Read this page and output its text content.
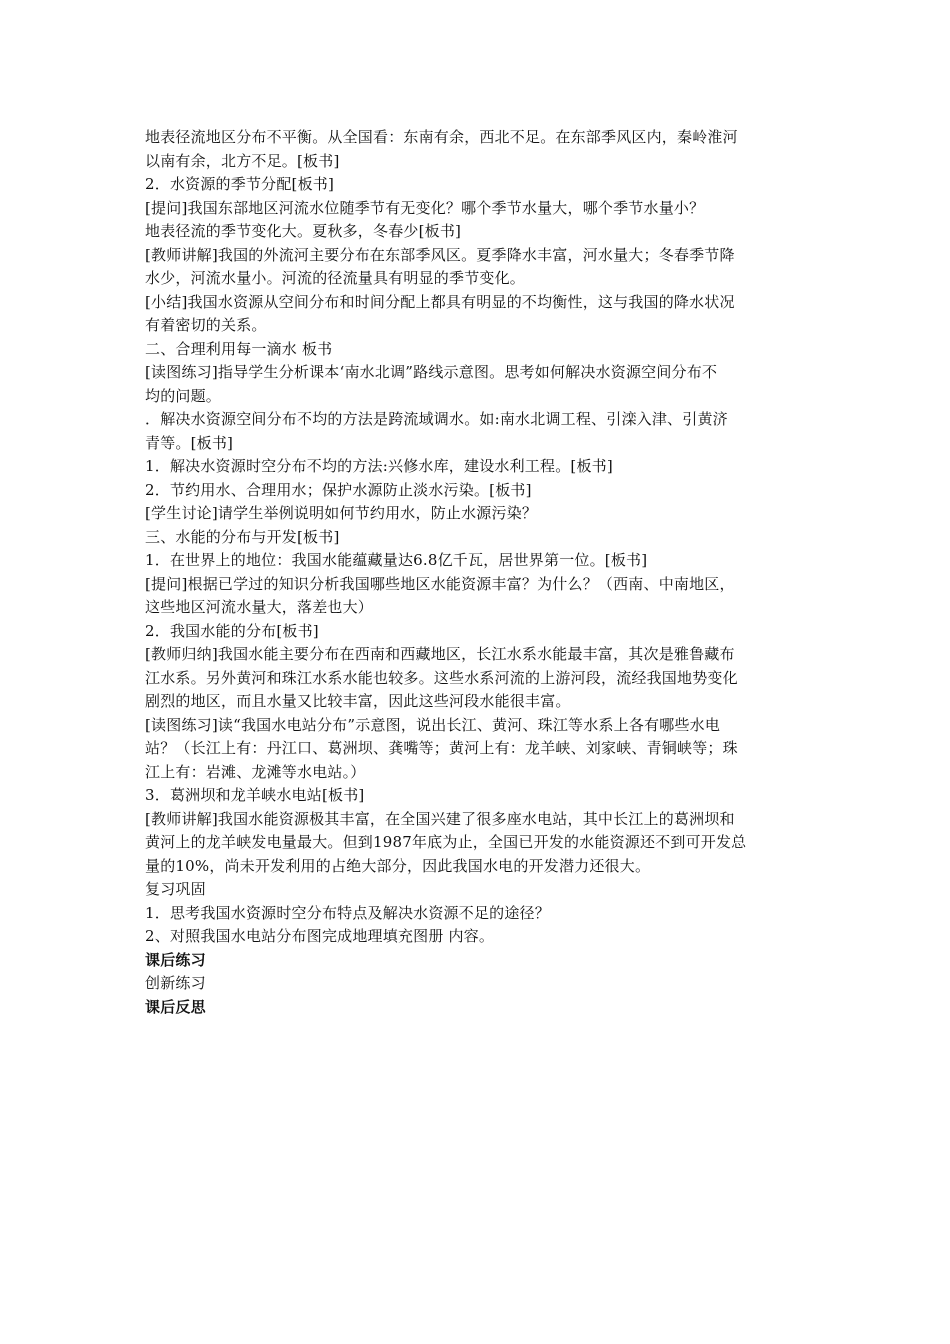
地表径流地区分布不平衡。从全国看：东南有余，西北不足。在东部季风区内，秦岭淮河
以南有余，北方不足。[板书]
2．水资源的季节分配[板书]
[提问]我国东部地区河流水位随季节有无变化？哪个季节水量大，哪个季节水量小？
地表径流的季节变化大。夏秋多，冬春少[板书]
[教师讲解]我国的外流河主要分布在东部季风区。夏季降水丰富，河水量大；冬春季节降
水少，河流水量小。河流的径流量具有明显的季节变化。
[小结]我国水资源从空间分布和时间分配上都具有明显的不均衡性，这与我国的降水状况
有着密切的关系。
二、合理利用每一滴水 板书
[读图练习]指导学生分析课本‘南水北调”路线示意图。思考如何解决水资源空间分布不
均的问题。
．解决水资源空间分布不均的方法是跨流域调水。如:南水北调工程、引滦入津、引黄济
青等。[板书]
1．解决水资源时空分布不均的方法:兴修水库，建设水利工程。[板书]
2．节约用水、合理用水；保护水源防止淡水污染。[板书]
[学生讨论]请学生举例说明如何节约用水，防止水源污染？
三、水能的分布与开发[板书]
1．在世界上的地位：我国水能蕴藏量达6.8亿千瓦，居世界第一位。[板书]
[提问]根据已学过的知识分析我国哪些地区水能资源丰富？为什么？（西南、中南地区，
这些地区河流水量大，落差也大）
2．我国水能的分布[板书]
[教师归纳]我国水能主要分布在西南和西藏地区，长江水系水能最丰富，其次是雅鲁藏布
江水系。另外黄河和珠江水系水能也较多。这些水系河流的上游河段，流经我国地势变化
剧烈的地区，而且水量又比较丰富，因此这些河段水能很丰富。
[读图练习]读“我国水电站分布”示意图，说出长江、黄河、珠江等水系上各有哪些水电
站？（长江上有：丹江口、葛洲坝、龚嘴等；黄河上有：龙羊峡、刘家峡、青铜峡等；珠
江上有：岩滩、龙滩等水电站。）
3．葛洲坝和龙羊峡水电站[板书]
[教师讲解]我国水能资源极其丰富，在全国兴建了很多座水电站，其中长江上的葛洲坝和
黄河上的龙羊峡发电量最大。但到1987年底为止，全国已开发的水能资源还不到可开发总
量的10%，尚未开发利用的占绝大部分，因此我国水电的开发潜力还很大。
复习巩固
1．思考我国水资源时空分布特点及解决水资源不足的途径？
2、对照我国水电站分布图完成地理填充图册 内容。
课后练习
创新练习
课后反思
